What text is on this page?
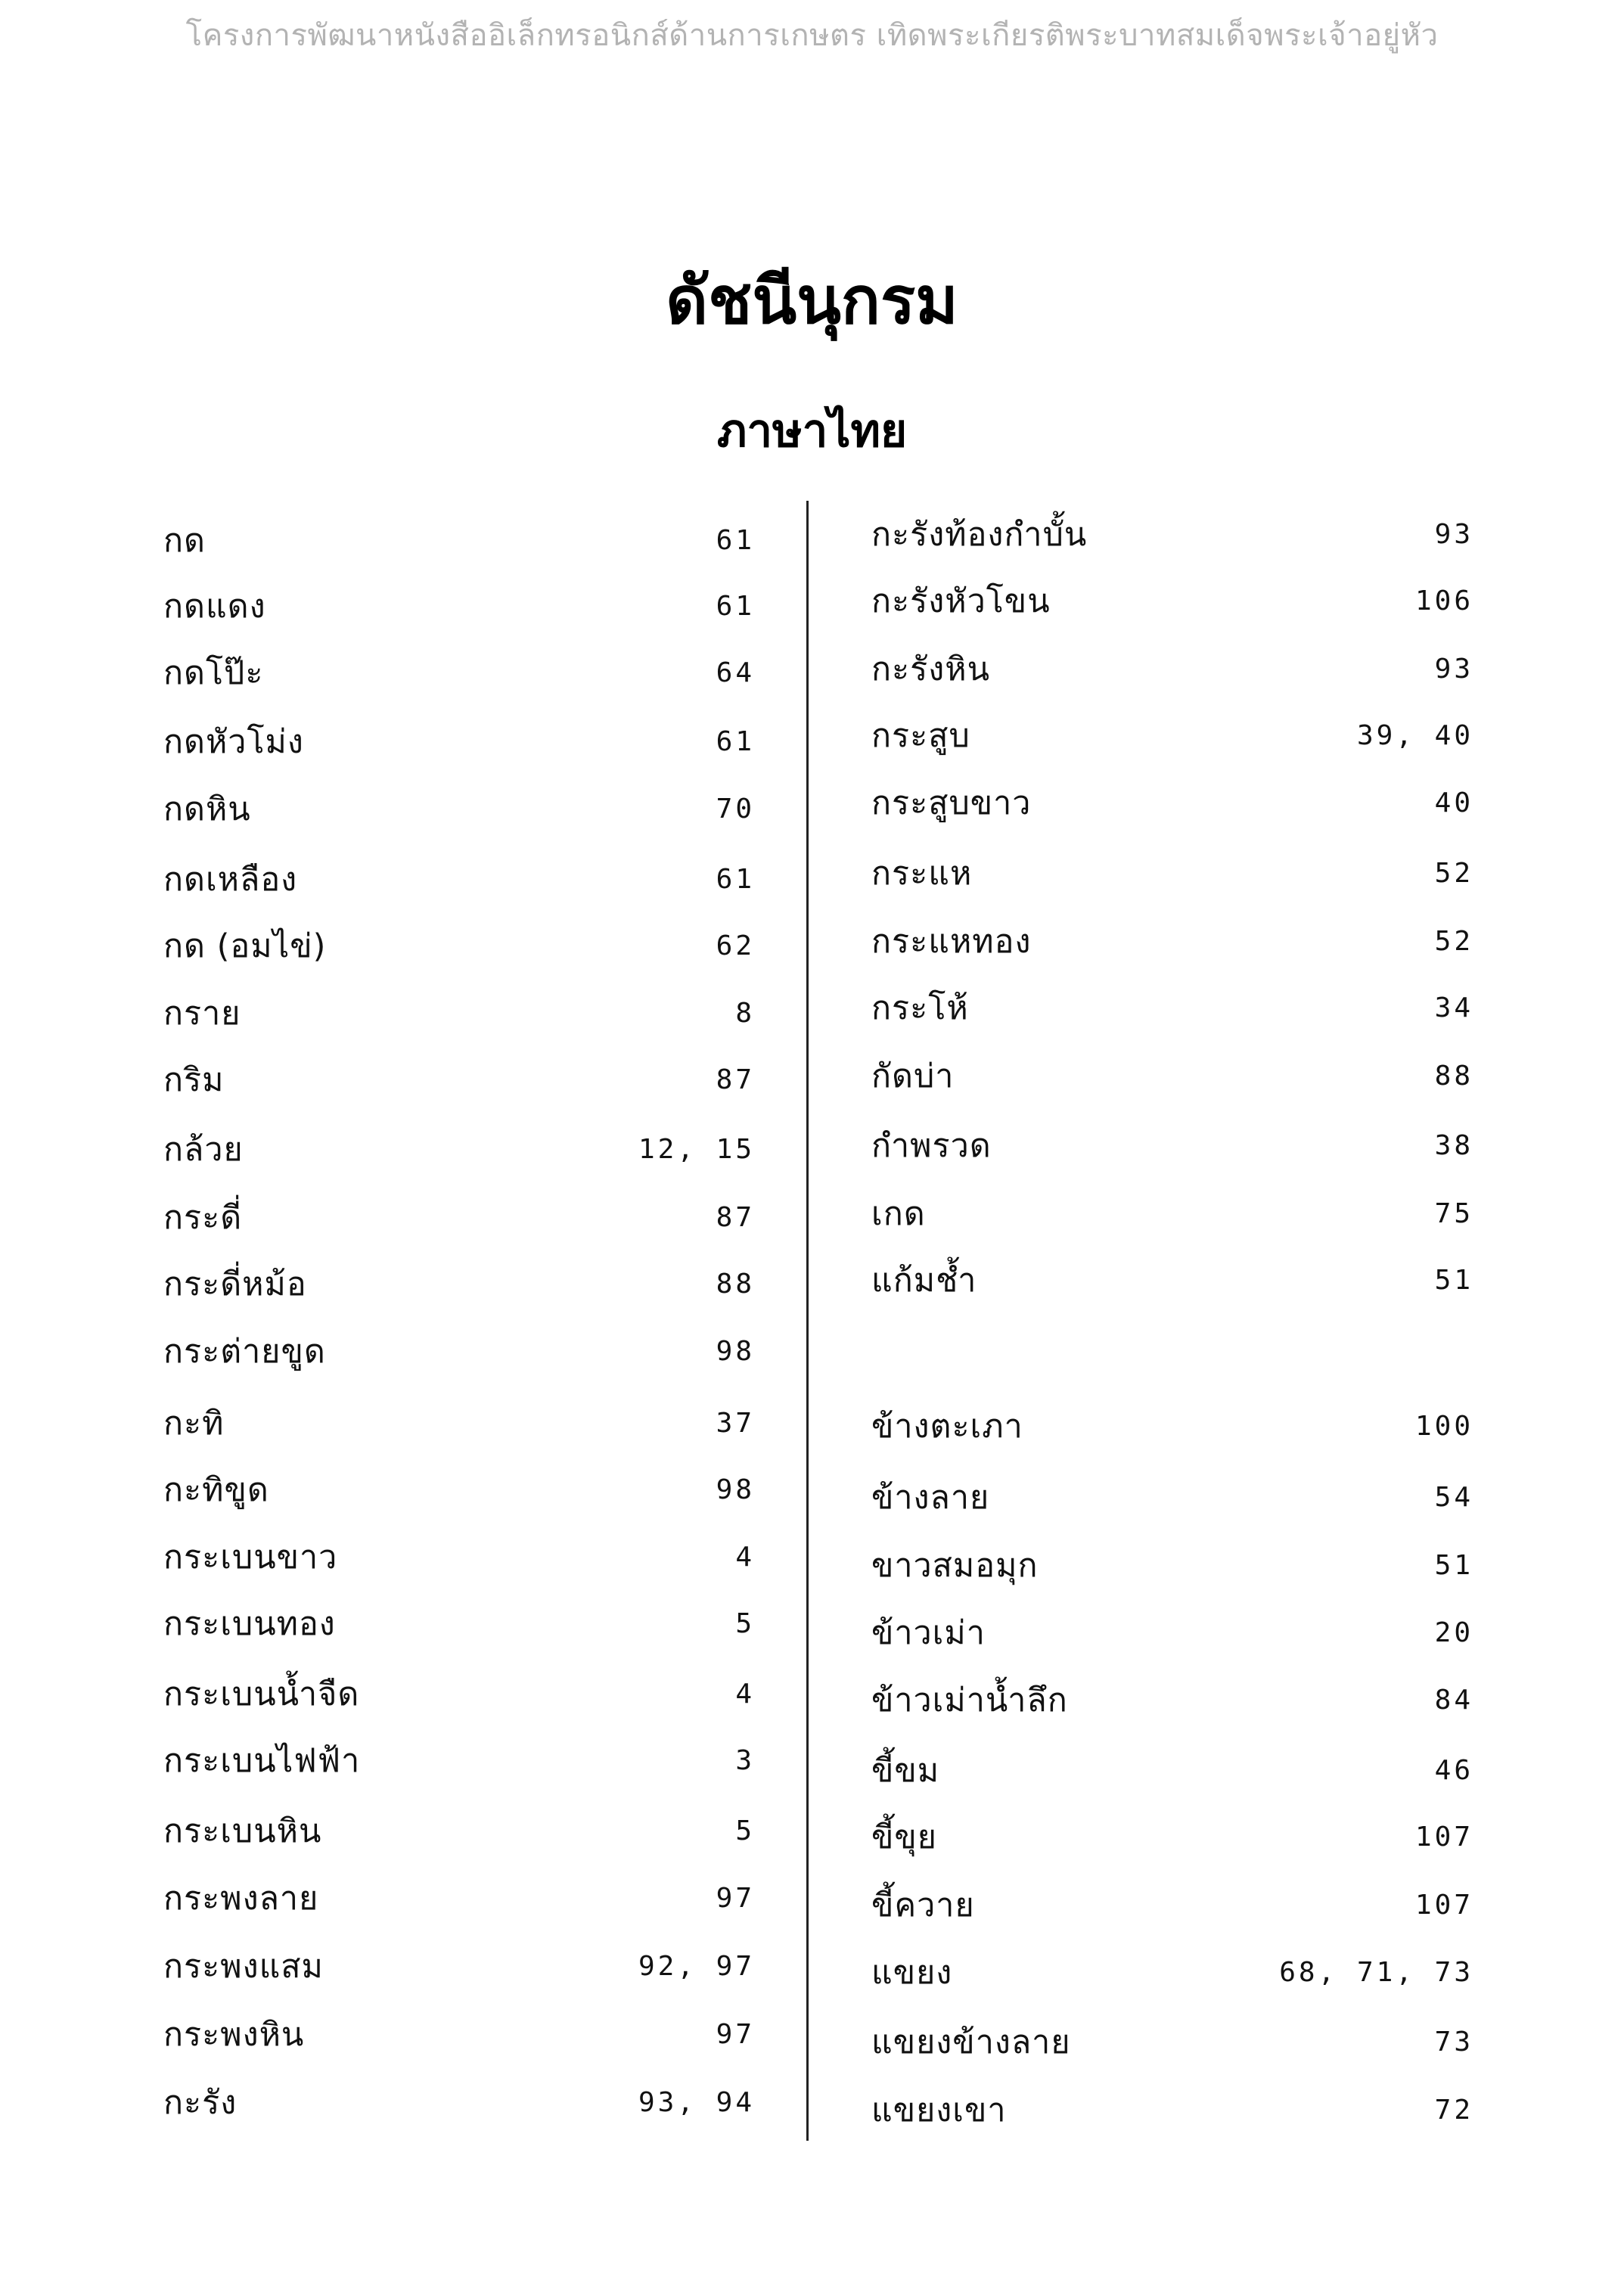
โครงการพัฒนาหนังสืออิเล็กทรอนิกส์ด้านการเกษตร เทิดพระเกียรติพระบาทสมเด็จพระเจ้าอยู่หัว
ดัชนีนุกรม
ภาษาไทย
กด	61
กดแดง	61
กดโป๊ะ	64
กดหัวโม่ง	61
กดหิน	70
กดเหลือง	61
กด (อมไข่)	62
กราย	8
กริม	87
กล้วย	12, 15
กระดี่	87
กระดี่หม้อ	88
กระต่ายขูด	98
กะทิ	37
กะทิขูด	98
กระเบนขาว	4
กระเบนทอง	5
กระเบนน้ำจืด	4
กระเบนไฟฟ้า	3
กระเบนหิน	5
กระพงลาย	97
กระพงแสม	92, 97
กระพงหิน	97
กะรัง	93, 94
กะรังท้องกำบั้น	93
กะรังหัวโขน	106
กะรังหิน	93
กระสูบ	39, 40
กระสูบขาว	40
กระแห	52
กระแหทอง	52
กระโห้	34
กัดบ่า	88
กำพรวด	38
เกด	75
แก้มช้ำ	51
ข้างตะเภา	100
ข้างลาย	54
ขาวสมอมุก	51
ข้าวเม่า	20
ข้าวเม่าน้ำลึก	84
ขี้ขม	46
ขี้ขุย	107
ขี้ควาย	107
แขยง	68, 71, 73
แขยงข้างลาย	73
แขยงเขา	72
